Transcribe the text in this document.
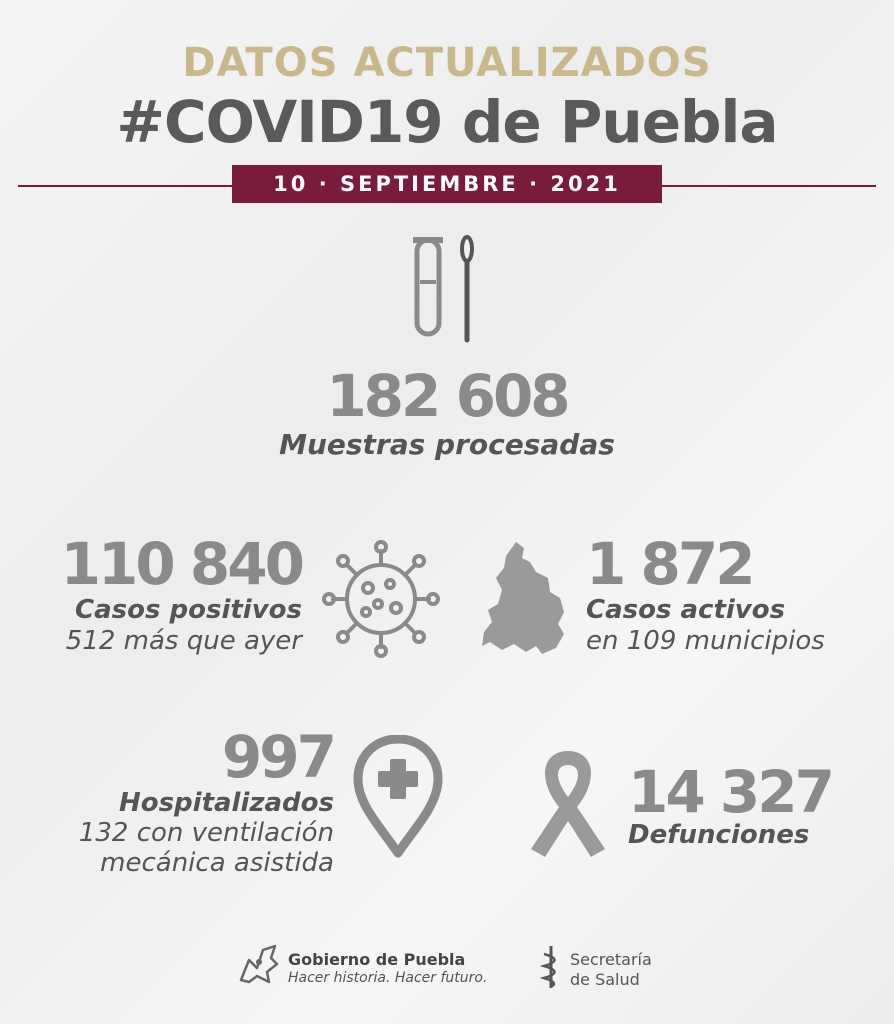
DATOS ACTUALIZADOS
#COVID19 de Puebla
10 · SEPTIEMBRE · 2021
182 608
Muestras procesadas
110 840
Casos positivos
512 más que ayer
1 872
Casos activos
en 109 municipios
997
Hospitalizados
132 con ventilación
mecánica asistida
14 327
Defunciones
Gobierno de Puebla
Hacer historia. Hacer futuro.
Secretaría
de Salud
